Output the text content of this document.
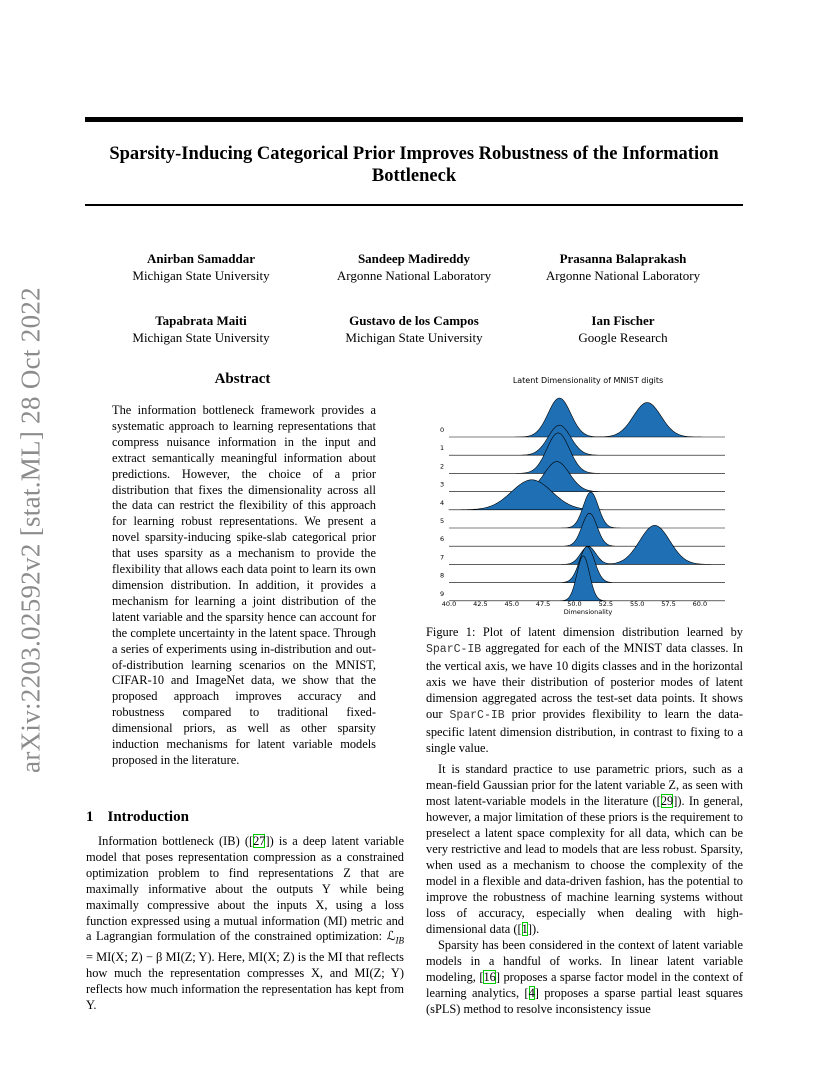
Sparsity-Inducing Categorical Prior Improves Robustness of the Information Bottleneck
arXiv:2203.02592v2 [stat.ML] 28 Oct 2022
Anirban Samaddar
Michigan State University
Sandeep Madireddy
Argonne National Laboratory
Prasanna Balaprakash
Argonne National Laboratory
Tapabrata Maiti
Michigan State University
Gustavo de los Campos
Michigan State University
Ian Fischer
Google Research
Abstract
The information bottleneck framework provides a systematic approach to learning representations that compress nuisance information in the input and extract semantically meaningful information about predictions. However, the choice of a prior distribution that fixes the dimensionality across all the data can restrict the flexibility of this approach for learning robust representations. We present a novel sparsity-inducing spike-slab categorical prior that uses sparsity as a mechanism to provide the flexibility that allows each data point to learn its own dimension distribution. In addition, it provides a mechanism for learning a joint distribution of the latent variable and the sparsity hence can account for the complete uncertainty in the latent space. Through a series of experiments using in-distribution and out-of-distribution learning scenarios on the MNIST, CIFAR-10 and ImageNet data, we show that the proposed approach improves accuracy and robustness compared to traditional fixed-dimensional priors, as well as other sparsity induction mechanisms for latent variable models proposed in the literature.
1 Introduction
Information bottleneck (IB) ([27]) is a deep latent variable model that poses representation compression as a constrained optimization problem to find representations Z that are maximally informative about the outputs Y while being maximally compressive about the inputs X, using a loss function expressed using a mutual information (MI) metric and a Lagrangian formulation of the constrained optimization: ℒ$_{IB}$ = MI(X; Z) − β MI(Z; Y). Here, MI(X; Z) is the MI that reflects how much the representation compresses X, and MI(Z; Y) reflects how much information the representation has kept from Y.
Latent Dimensionality of MNIST digits
0
1
2
3
4
5
6
7
8
9
40.0	42.5	45.0	47.5	50.0	52.5	55.0	57.5	60.0
Dimensionality
Figure 1: Plot of latent dimension distribution learned by SparC-IB aggregated for each of the MNIST data classes. In the vertical axis, we have 10 digits classes and in the horizontal axis we have their distribution of posterior modes of latent dimension aggregated across the test-set data points. It shows our SparC-IB prior provides flexibility to learn the data-specific latent dimension distribution, in contrast to fixing to a single value.

It is standard practice to use parametric priors, such as a mean-field Gaussian prior for the latent variable Z, as seen with most latent-variable models in the literature ([29]). In general, however, a major limitation of these priors is the requirement to preselect a latent space complexity for all data, which can be very restrictive and lead to models that are less robust. Sparsity, when used as a mechanism to choose the complexity of the model in a flexible and data-driven fashion, has the potential to improve the robustness of machine learning systems without loss of accuracy, especially when dealing with high-dimensional data ([1]).

Sparsity has been considered in the context of latent variable models in a handful of works. In linear latent variable modeling, [16] proposes a sparse factor model in the context of learning analytics, [4] proposes a sparse partial least squares (sPLS) method to resolve inconsistency issue
